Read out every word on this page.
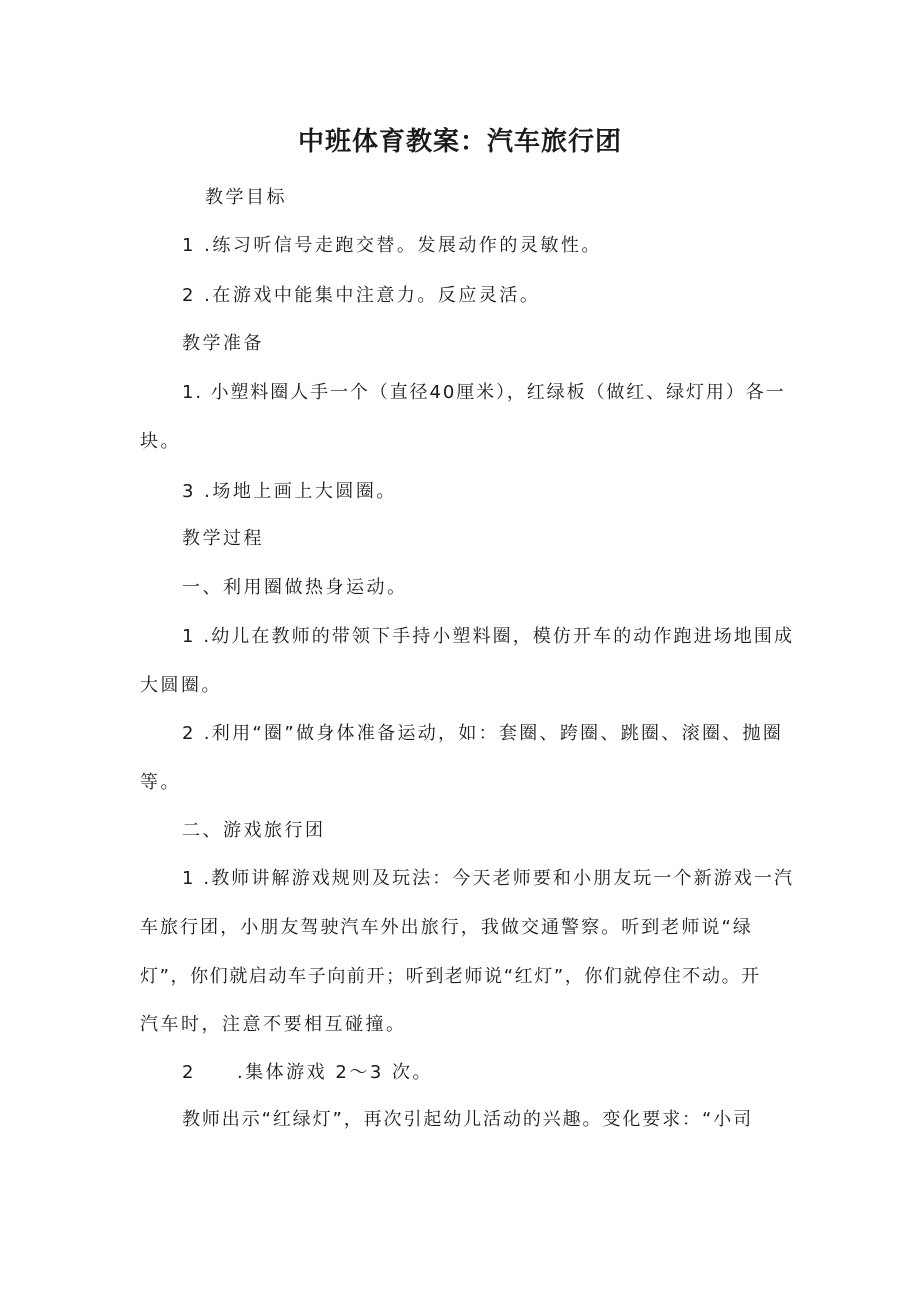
中班体育教案：汽车旅行团
教学目标
1 .练习听信号走跑交替。发展动作的灵敏性。
2 .在游戏中能集中注意力。反应灵活。
教学准备
1. 小塑料圈人手一个（直径40厘米），红绿板（做红、绿灯用）各一
块。
3 .场地上画上大圆圈。
教学过程
一、利用圈做热身运动。
1 .幼儿在教师的带领下手持小塑料圈，模仿开车的动作跑进场地围成
大圆圈。
2 .利用“圈”做身体准备运动，如：套圈、跨圈、跳圈、滚圈、抛圈
等。
二、游戏旅行团
1 .教师讲解游戏规则及玩法：今天老师要和小朋友玩一个新游戏一汽
车旅行团，小朋友驾驶汽车外出旅行，我做交通警察。听到老师说“绿
灯”，你们就启动车子向前开；听到老师说“红灯”，你们就停住不动。开
汽车时，注意不要相互碰撞。
2　　.集体游戏 2～3 次。
教师出示“红绿灯”，再次引起幼儿活动的兴趣。变化要求：“小司
